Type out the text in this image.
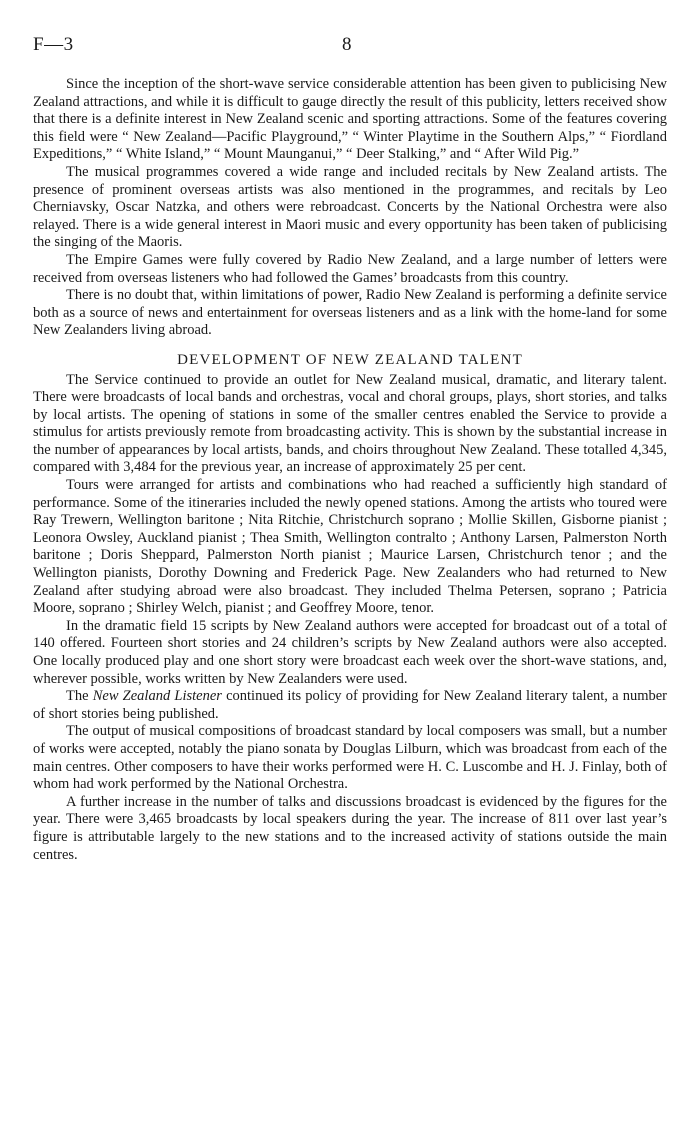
F—3	8

Since the inception of the short-wave service considerable attention has been given to publicising New Zealand attractions, and while it is difficult to gauge directly the result of this publicity, letters received show that there is a definite interest in New Zealand scenic and sporting attractions. Some of the features covering this field were “ New Zealand—Pacific Playground,” “ Winter Playtime in the Southern Alps,” “ Fiordland Expeditions,” “ White Island,” “ Mount Maunganui,” “ Deer Stalking,” and “ After Wild Pig.”

The musical programmes covered a wide range and included recitals by New Zealand artists. The presence of prominent overseas artists was also mentioned in the programmes, and recitals by Leo Cherniavsky, Oscar Natzka, and others were rebroadcast. Concerts by the National Orchestra were also relayed. There is a wide general interest in Maori music and every opportunity has been taken of publicising the singing of the Maoris.

The Empire Games were fully covered by Radio New Zealand, and a large number of letters were received from overseas listeners who had followed the Games’ broadcasts from this country.

There is no doubt that, within limitations of power, Radio New Zealand is performing a definite service both as a source of news and entertainment for overseas listeners and as a link with the home-land for some New Zealanders living abroad.

DEVELOPMENT OF NEW ZEALAND TALENT

The Service continued to provide an outlet for New Zealand musical, dramatic, and literary talent. There were broadcasts of local bands and orchestras, vocal and choral groups, plays, short stories, and talks by local artists. The opening of stations in some of the smaller centres enabled the Service to provide a stimulus for artists previously remote from broadcasting activity. This is shown by the substantial increase in the number of appearances by local artists, bands, and choirs throughout New Zealand. These totalled 4,345, compared with 3,484 for the previous year, an increase of approximately 25 per cent.

Tours were arranged for artists and combinations who had reached a sufficiently high standard of performance. Some of the itineraries included the newly opened stations. Among the artists who toured were Ray Trewern, Wellington baritone ; Nita Ritchie, Christchurch soprano ; Mollie Skillen, Gisborne pianist ; Leonora Owsley, Auckland pianist ; Thea Smith, Wellington contralto ; Anthony Larsen, Palmerston North baritone ; Doris Sheppard, Palmerston North pianist ; Maurice Larsen, Christchurch tenor ; and the Wellington pianists, Dorothy Downing and Frederick Page. New Zealanders who had returned to New Zealand after studying abroad were also broadcast. They included Thelma Petersen, soprano ; Patricia Moore, soprano ; Shirley Welch, pianist ; and Geoffrey Moore, tenor.

In the dramatic field 15 scripts by New Zealand authors were accepted for broadcast out of a total of 140 offered. Fourteen short stories and 24 children’s scripts by New Zealand authors were also accepted. One locally produced play and one short story were broadcast each week over the short-wave stations, and, wherever possible, works written by New Zealanders were used.

The New Zealand Listener continued its policy of providing for New Zealand literary talent, a number of short stories being published.

The output of musical compositions of broadcast standard by local composers was small, but a number of works were accepted, notably the piano sonata by Douglas Lilburn, which was broadcast from each of the main centres. Other composers to have their works performed were H. C. Luscombe and H. J. Finlay, both of whom had work performed by the National Orchestra.

A further increase in the number of talks and discussions broadcast is evidenced by the figures for the year. There were 3,465 broadcasts by local speakers during the year. The increase of 811 over last year’s figure is attributable largely to the new stations and to the increased activity of stations outside the main centres.
